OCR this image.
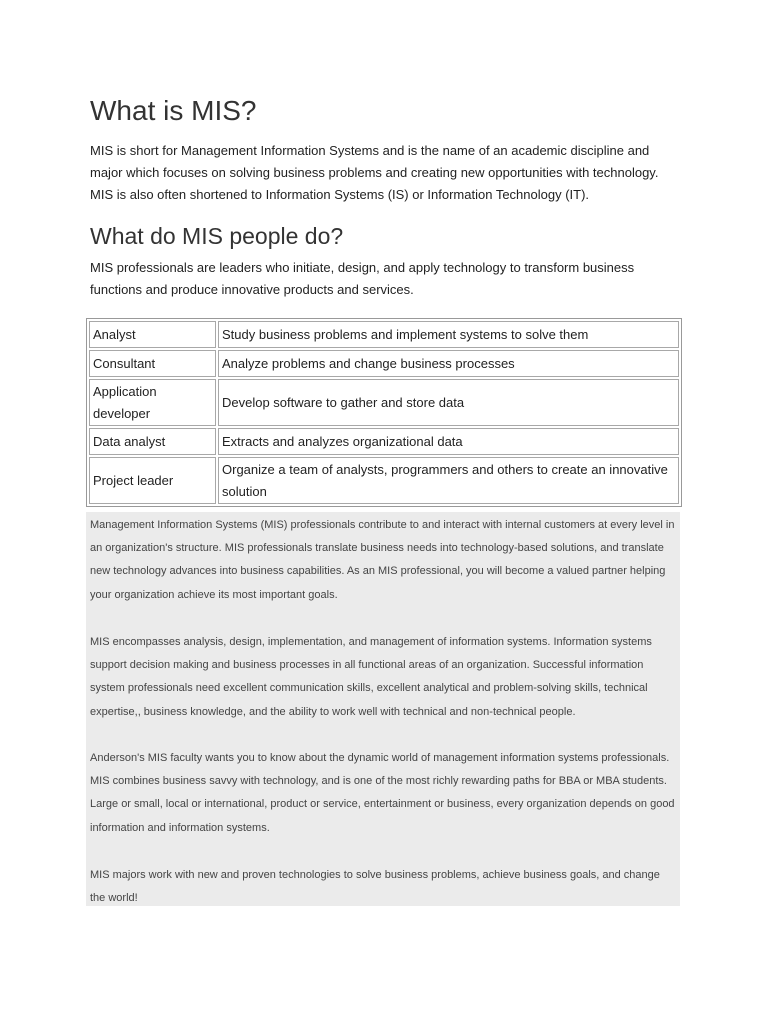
What is MIS?

MIS is short for Management Information Systems and is the name of an academic discipline and major which focuses on solving business problems and creating new opportunities with technology. MIS is also often shortened to Information Systems (IS) or Information Technology (IT).

What do MIS people do?

MIS professionals are leaders who initiate, design, and apply technology to transform business functions and produce innovative products and services.

Analyst	Study business problems and implement systems to solve them
Consultant	Analyze problems and change business processes
Application developer	Develop software to gather and store data
Data analyst	Extracts and analyzes organizational data
Project leader	Organize a team of analysts, programmers and others to create an innovative solution

Management Information Systems (MIS) professionals contribute to and interact with internal customers at every level in an organization's structure. MIS professionals translate business needs into technology-based solutions, and translate new technology advances into business capabilities. As an MIS professional, you will become a valued partner helping your organization achieve its most important goals.

MIS encompasses analysis, design, implementation, and management of information systems. Information systems support decision making and business processes in all functional areas of an organization. Successful information system professionals need excellent communication skills, excellent analytical and problem-solving skills, technical expertise,, business knowledge, and the ability to work well with technical and non-technical people.

Anderson's MIS faculty wants you to know about the dynamic world of management information systems professionals. MIS combines business savvy with technology, and is one of the most richly rewarding paths for BBA or MBA students. Large or small, local or international, product or service, entertainment or business, every organization depends on good information and information systems.

MIS majors work with new and proven technologies to solve business problems, achieve business goals, and change the world!
